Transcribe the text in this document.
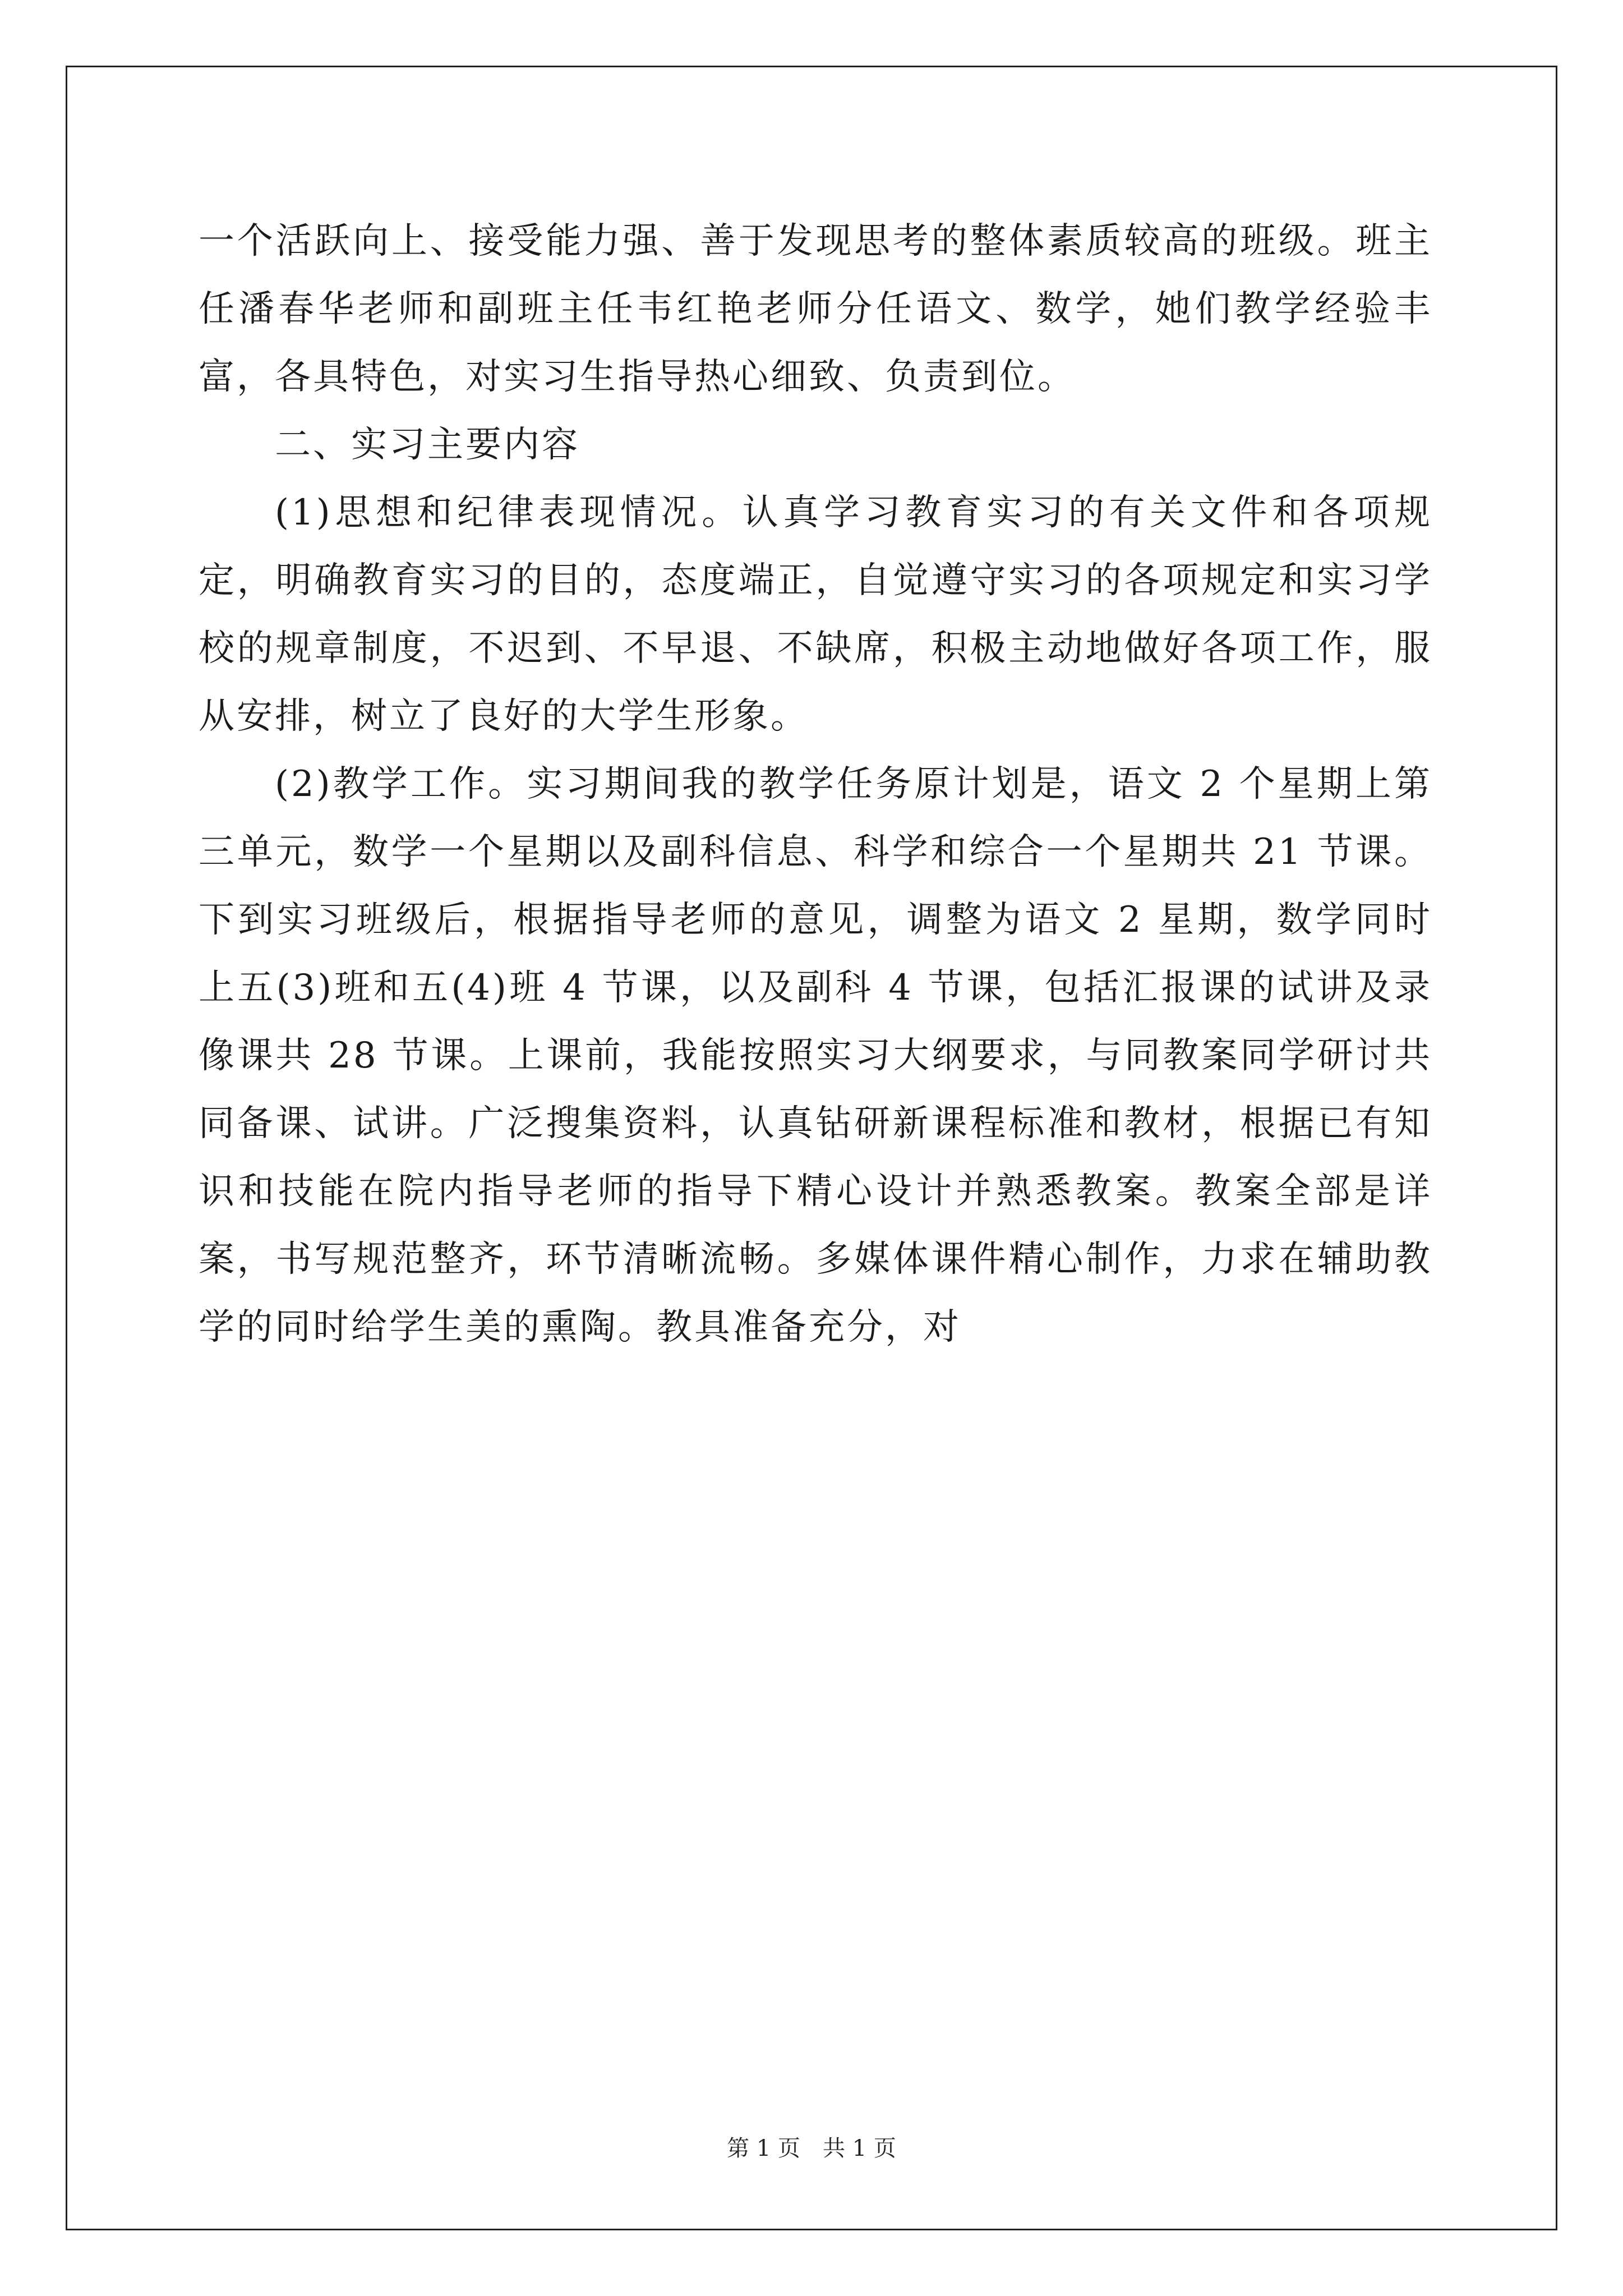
一个活跃向上、接受能力强、善于发现思考的整体素质较高的班级。班主任潘春华老师和副班主任韦红艳老师分任语文、数学，她们教学经验丰富，各具特色，对实习生指导热心细致、负责到位。

二、实习主要内容

(1)思想和纪律表现情况。认真学习教育实习的有关文件和各项规定，明确教育实习的目的，态度端正，自觉遵守实习的各项规定和实习学校的规章制度，不迟到、不早退、不缺席，积极主动地做好各项工作，服从安排，树立了良好的大学生形象。

(2)教学工作。实习期间我的教学任务原计划是，语文 2 个星期上第三单元，数学一个星期以及副科信息、科学和综合一个星期共 21 节课。下到实习班级后，根据指导老师的意见，调整为语文 2 星期，数学同时上五(3)班和五(4)班 4 节课，以及副科 4 节课，包括汇报课的试讲及录像课共 28 节课。上课前，我能按照实习大纲要求，与同教案同学研讨共同备课、试讲。广泛搜集资料，认真钻研新课程标准和教材，根据已有知识和技能在院内指导老师的指导下精心设计并熟悉教案。教案全部是详案，书写规范整齐，环节清晰流畅。多媒体课件精心制作，力求在辅助教学的同时给学生美的熏陶。教具准备充分，对

第 1 页 共 1 页
